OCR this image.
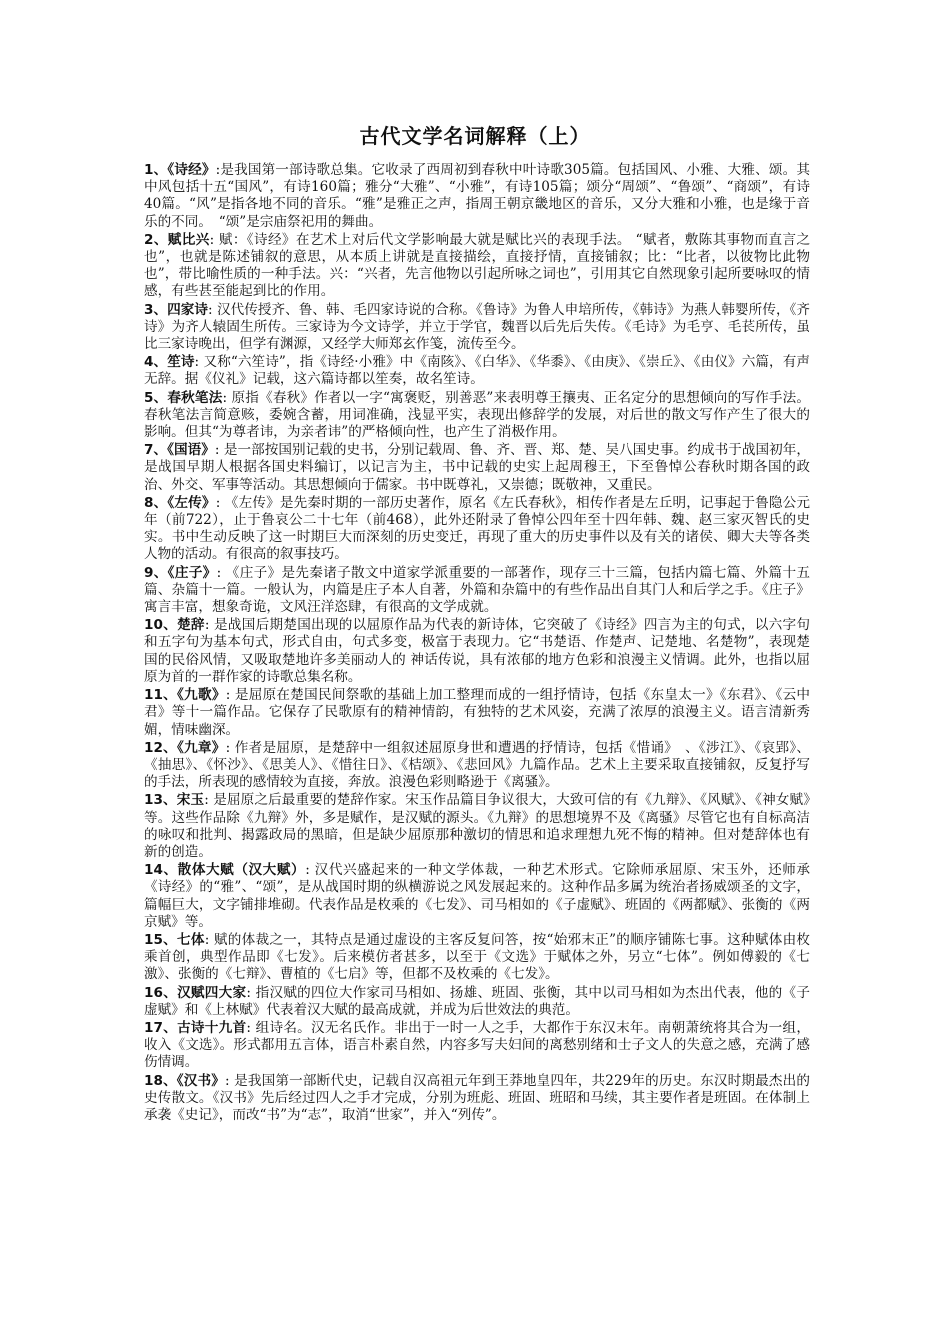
古代文学名词解释（上）

1、《诗经》:是我国第一部诗歌总集。它收录了西周初到春秋中叶诗歌305篇。包括国风、小雅、大雅、颂。其中风包括十五“国风”，有诗160篇；雅分“大雅”、“小雅”，有诗105篇；颂分“周颂”、“鲁颂”、“商颂”，有诗40篇。“风”是指各地不同的音乐。“雅”是雅正之声，指周王朝京畿地区的音乐，又分大雅和小雅，也是缘于音乐的不同。　“颂”是宗庙祭祀用的舞曲。

2、赋比兴: 赋：《诗经》在艺术上对后代文学影响最大就是赋比兴的表现手法。 “赋者，敷陈其事物而直言之也”，也就是陈述铺叙的意思，从本质上讲就是直接描绘，直接抒情，直接铺叙；比：“比者，以彼物比此物也”，带比喻性质的一种手法。兴：“兴者，先言他物以引起所咏之词也”，引用其它自然现象引起所要咏叹的情感，有些甚至能起到比的作用。

3、四家诗: 汉代传授齐、鲁、韩、毛四家诗说的合称。《鲁诗》为鲁人申培所传，《韩诗》为燕人韩婴所传，《齐诗》为齐人辕固生所传。三家诗为今文诗学，并立于学官，魏晋以后先后失传。《毛诗》为毛亨、毛苌所传，虽比三家诗晚出，但学有渊源，又经学大师郑玄作笺，流传至今。

4、笙诗: 又称“六笙诗”，指《诗经·小雅》中《南陔》、《白华》、《华黍》、《由庚》、《崇丘》、《由仪》六篇，有声无辞。据《仪礼》记载，这六篇诗都以笙奏，故名笙诗。

5、春秋笔法: 原指《春秋》作者以一字“寓褒贬，别善恶”来表明尊王攘夷、正名定分的思想倾向的写作手法。春秋笔法言简意赅，委婉含蓄，用词准确，浅显平实，表现出修辞学的发展，对后世的散文写作产生了很大的影响。但其“为尊者讳，为亲者讳”的严格倾向性，也产生了消极作用。

7、《国语》: 是一部按国别记载的史书，分别记载周、鲁、齐、晋、郑、楚、吴八国史事。约成书于战国初年，是战国早期人根据各国史料编订，以记言为主，书中记载的史实上起周穆王，下至鲁悼公春秋时期各国的政治、外交、军事等活动。其思想倾向于儒家。书中既尊礼，又崇德；既敬神，又重民。

8、《左传》: 《左传》是先秦时期的一部历史著作，原名《左氏春秋》，相传作者是左丘明，记事起于鲁隐公元年（前722），止于鲁哀公二十七年（前468），此外还附录了鲁悼公四年至十四年韩、魏、赵三家灭智氏的史实。书中生动反映了这一时期巨大而深刻的历史变迁，再现了重大的历史事件以及有关的诸侯、卿大夫等各类人物的活动。有很高的叙事技巧。

9、《庄子》: 《庄子》是先秦诸子散文中道家学派重要的一部著作，现存三十三篇，包括内篇七篇、外篇十五篇、杂篇十一篇。一般认为，内篇是庄子本人自著，外篇和杂篇中的有些作品出自其门人和后学之手。《庄子》寓言丰富，想象奇诡，文风汪洋恣肆，有很高的文学成就。

10、楚辞: 是战国后期楚国出现的以屈原作品为代表的新诗体，它突破了《诗经》四言为主的句式，以六字句和五字句为基本句式，形式自由，句式多变，极富于表现力。它“书楚语、作楚声、记楚地、名楚物”，表现楚国的民俗风情，又吸取楚地许多美丽动人的 神话传说，具有浓郁的地方色彩和浪漫主义情调。此外，也指以屈原为首的一群作家的诗歌总集名称。

11、《九歌》: 是屈原在楚国民间祭歌的基础上加工整理而成的一组抒情诗，包括《东皇太一》《东君》、《云中君》等十一篇作品。它保存了民歌原有的精神情韵，有独特的艺术风姿，充满了浓厚的浪漫主义。语言清新秀媚，情味幽深。

12、《九章》: 作者是屈原，是楚辞中一组叙述屈原身世和遭遇的抒情诗，包括《惜诵》　、《涉江》、《哀郢》、《抽思》、《怀沙》、《思美人》、《惜往日》、《桔颂》、《悲回风》九篇作品。艺术上主要采取直接铺叙，反复抒写的手法，所表现的感情较为直接，奔放。浪漫色彩则略逊于《离骚》。

13、宋玉: 是屈原之后最重要的楚辞作家。宋玉作品篇目争议很大，大致可信的有《九辩》、《风赋》、《神女赋》等。这些作品除《九辩》外，多是赋作，是汉赋的源头。《九辩》的思想境界不及《离骚》尽管它也有自标高洁的咏叹和批判、揭露政局的黑暗，但是缺少屈原那种激切的情思和追求理想九死不悔的精神。但对楚辞体也有新的创造。

14、散体大赋（汉大赋）: 汉代兴盛起来的一种文学体裁，一种艺术形式。它除师承屈原、宋玉外，还师承《诗经》的“雅”、“颂”，是从战国时期的纵横游说之风发展起来的。这种作品多属为统治者扬威颂圣的文字，篇幅巨大，文字铺排堆砌。代表作品是枚乘的《七发》、司马相如的《子虚赋》、班固的《两都赋》、张衡的《两京赋》等。

15、七体: 赋的体裁之一，其特点是通过虚设的主客反复问答，按“始邪末正”的顺序铺陈七事。这种赋体由枚乘首创，典型作品即《七发》。后来模仿者甚多，以至于《文选》于赋体之外，另立“七体”。例如傅毅的《七激》、张衡的《七辩》、曹植的《七启》等，但都不及枚乘的《七发》。

16、汉赋四大家: 指汉赋的四位大作家司马相如、扬雄、班固、张衡，其中以司马相如为杰出代表，他的《子虚赋》和《上林赋》代表着汉大赋的最高成就，并成为后世效法的典范。

17、古诗十九首: 组诗名。汉无名氏作。非出于一时一人之手，大都作于东汉末年。南朝萧统将其合为一组，收入《文选》。形式都用五言体，语言朴素自然，内容多写夫妇间的离愁别绪和士子文人的失意之感，充满了感伤情调。

18、《汉书》: 是我国第一部断代史，记载自汉高祖元年到王莽地皇四年，共229年的历史。东汉时期最杰出的史传散文。《汉书》先后经过四人之手才完成，分别为班彪、班固、班昭和马续，其主要作者是班固。在体制上承袭《史记》，而改“书”为“志”，取消“世家”，并入“列传”。
